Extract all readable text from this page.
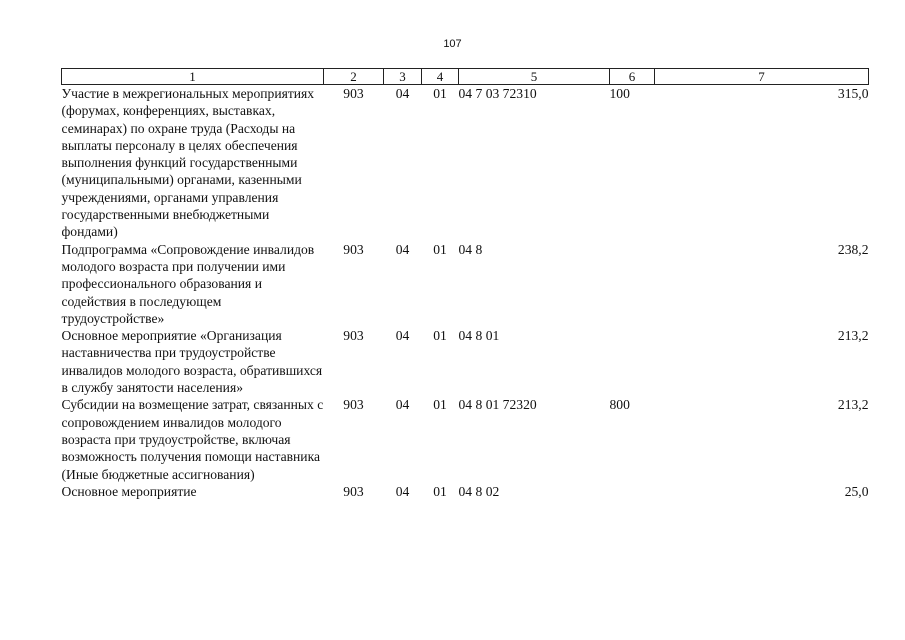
107
1	2	3	4	5	6	7
Участие в межрегиональных мероприятиях (форумах, конференциях, выставках, семинарах) по охране труда (Расходы на выплаты персоналу в целях обеспечения выполнения функций государственными (муниципальными) органами, казенными учреждениями, органами управления государственными внебюджетными фондами)	903	04	01	04 7 03 72310	100	315,0
Подпрограмма «Сопровождение инвалидов молодого возраста при получении ими профессионального образования и содействия в последующем трудоустройстве»	903	04	01	04 8		238,2
Основное мероприятие «Организация наставничества при трудоустройстве инвалидов молодого возраста, обратившихся в службу занятости населения»	903	04	01	04 8 01		213,2
Субсидии на возмещение затрат, связанных с сопровождением инвалидов молодого возраста при трудоустройстве, включая возможность получения помощи наставника (Иные бюджетные ассигнования)	903	04	01	04 8 01 72320	800	213,2
Основное мероприятие	903	04	01	04 8 02		25,0
